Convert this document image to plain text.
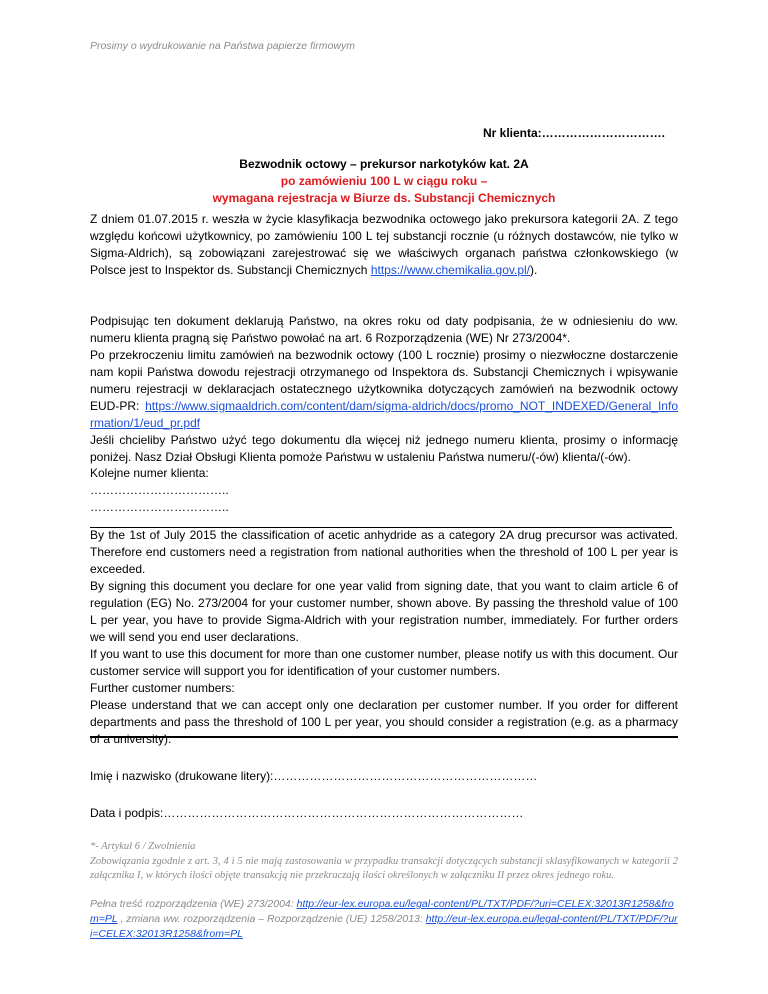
Prosimy o wydrukowanie na Państwa papierze firmowym
Nr klienta:………………………….
Bezwodnik octowy – prekursor narkotyków kat. 2A
po zamówieniu 100 L w ciągu roku –
wymagana rejestracja w Biurze ds. Substancji Chemicznych

Z dniem 01.07.2015 r. weszła w życie klasyfikacja bezwodnika octowego jako prekursora kategorii 2A. Z tego względu końcowi użytkownicy, po zamówieniu 100 L tej substancji rocznie (u różnych dostawców, nie tylko w Sigma-Aldrich), są zobowiązani zarejestrować się we właściwych organach państwa członkowskiego (w Polsce jest to Inspektor ds. Substancji Chemicznych https://www.chemikalia.gov.pl/).

Podpisując ten dokument deklarują Państwo, na okres roku od daty podpisania, że w odniesieniu do ww. numeru klienta pragną się Państwo powołać na art. 6 Rozporządzenia (WE) Nr 273/2004*.

Po przekroczeniu limitu zamówień na bezwodnik octowy (100 L rocznie) prosimy o niezwłoczne dostarczenie nam kopii Państwa dowodu rejestracji otrzymanego od Inspektora ds. Substancji Chemicznych i wpisywanie numeru rejestracji w deklaracjach ostatecznego użytkownika dotyczących zamówień na bezwodnik octowy EUD-PR: https://www.sigmaaldrich.com/content/dam/sigma-aldrich/docs/promo_NOT_INDEXED/General_Information/1/eud_pr.pdf

Jeśli chcieliby Państwo użyć tego dokumentu dla więcej niż jednego numeru klienta, prosimy o informację poniżej. Nasz Dział Obsługi Klienta pomoże Państwu w ustaleniu Państwa numeru/(-ów) klienta/(-ów).

Kolejne numer klienta:

……………………………..

……………………………..

By the 1st of July 2015 the classification of acetic anhydride as a category 2A drug precursor was activated. Therefore end customers need a registration from national authorities when the threshold of 100 L per year is exceeded.

By signing this document you declare for one year valid from signing date, that you want to claim article 6 of regulation (EG) No. 273/2004 for your customer number, shown above. By passing the threshold value of 100 L per year, you have to provide Sigma-Aldrich with your registration number, immediately. For further orders we will send you end user declarations.

If you want to use this document for more than one customer number, please notify us with this document. Our customer service will support you for identification of your customer numbers.

Further customer numbers:

Please understand that we can accept only one declaration per customer number. If you order for different departments and pass the threshold of 100 L per year, you should consider a registration (e.g. as a pharmacy of a university).

Imię i nazwisko (drukowane litery):…………………………………………………………
Data i podpis:………………………………………………………………………………
*- Artykuł 6 / Zwolnienia
Zobowiązania zgodnie z art. 3, 4 i 5 nie mają zastosowania w przypadku transakcji dotyczących substancji sklasyfikowanych w kategorii 2 załącznika I, w których ilości objęte transakcją nie przekraczają ilości określonych w załączniku II przez okres jednego roku.
Pełna treść rozporządzenia (WE) 273/2004: http://eur-lex.europa.eu/legal-content/PL/TXT/PDF/?uri=CELEX:32013R1258&from=PL , zmiana ww. rozporządzenia – Rozporządzenie (UE) 1258/2013: http://eur-lex.europa.eu/legal-content/PL/TXT/PDF/?uri=CELEX:32013R1258&from=PL
